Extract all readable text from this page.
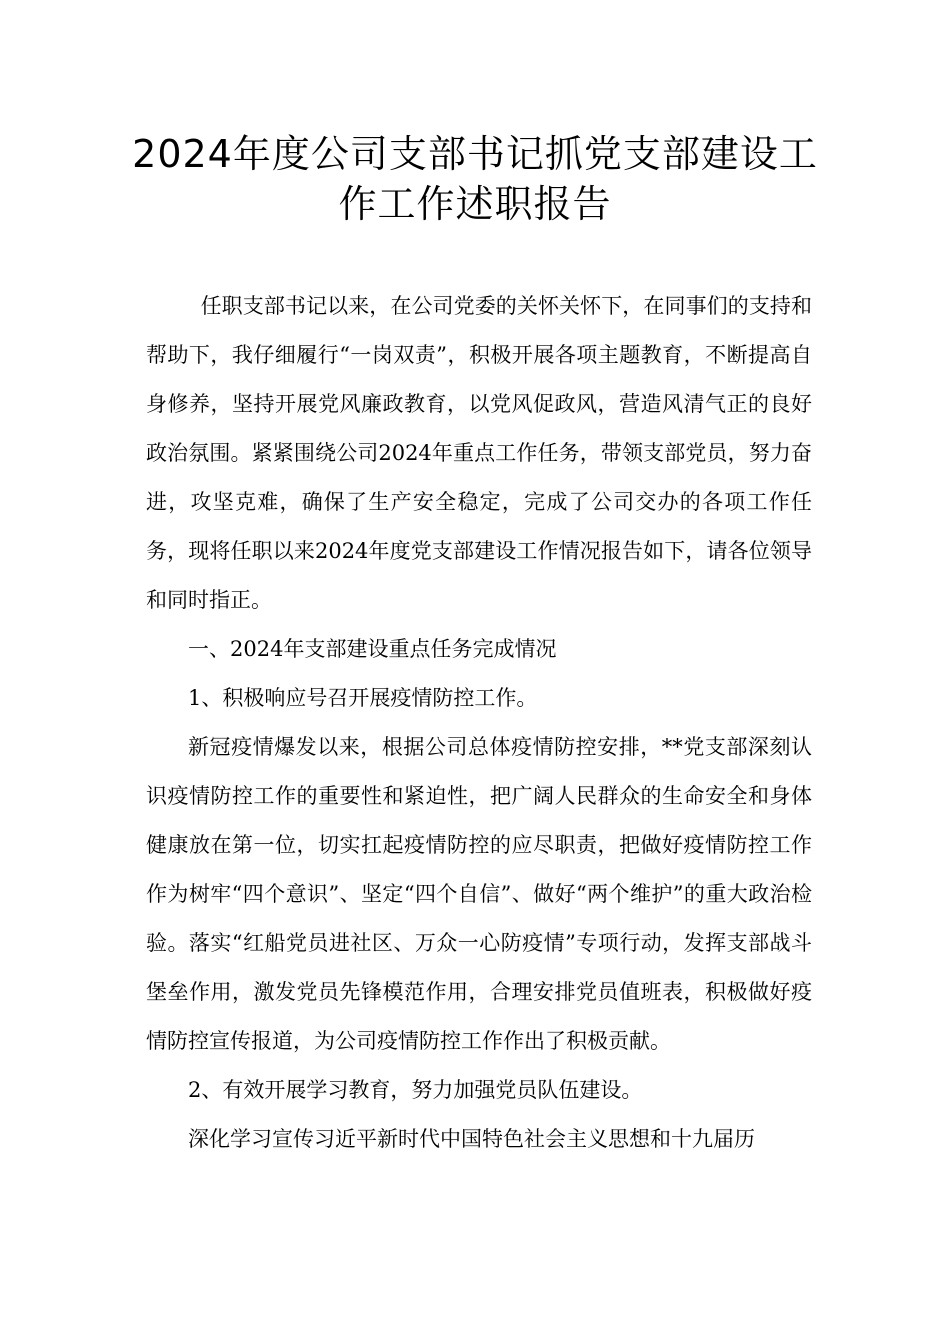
2024年度公司支部书记抓党支部建设工
作工作述职报告

任职支部书记以来，在公司党委的关怀关怀下，在同事们的支持和帮助下，我仔细履行“一岗双责”，积极开展各项主题教育，不断提高自身修养，坚持开展党风廉政教育，以党风促政风，营造风清气正的良好政治氛围。紧紧围绕公司2024年重点工作任务，带领支部党员，努力奋进，攻坚克难，确保了生产安全稳定，完成了公司交办的各项工作任务，现将任职以来2024年度党支部建设工作情况报告如下，请各位领导和同时指正。

一、2024年支部建设重点任务完成情况

1、积极响应号召开展疫情防控工作。

新冠疫情爆发以来，根据公司总体疫情防控安排，**党支部深刻认识疫情防控工作的重要性和紧迫性，把广阔人民群众的生命安全和身体健康放在第一位，切实扛起疫情防控的应尽职责，把做好疫情防控工作作为树牢“四个意识”、坚定“四个自信”、做好“两个维护”的重大政治检验。落实“红船党员进社区、万众一心防疫情”专项行动，发挥支部战斗堡垒作用，激发党员先锋模范作用，合理安排党员值班表，积极做好疫情防控宣传报道，为公司疫情防控工作作出了积极贡献。

2、有效开展学习教育，努力加强党员队伍建设。

深化学习宣传习近平新时代中国特色社会主义思想和十九届历
